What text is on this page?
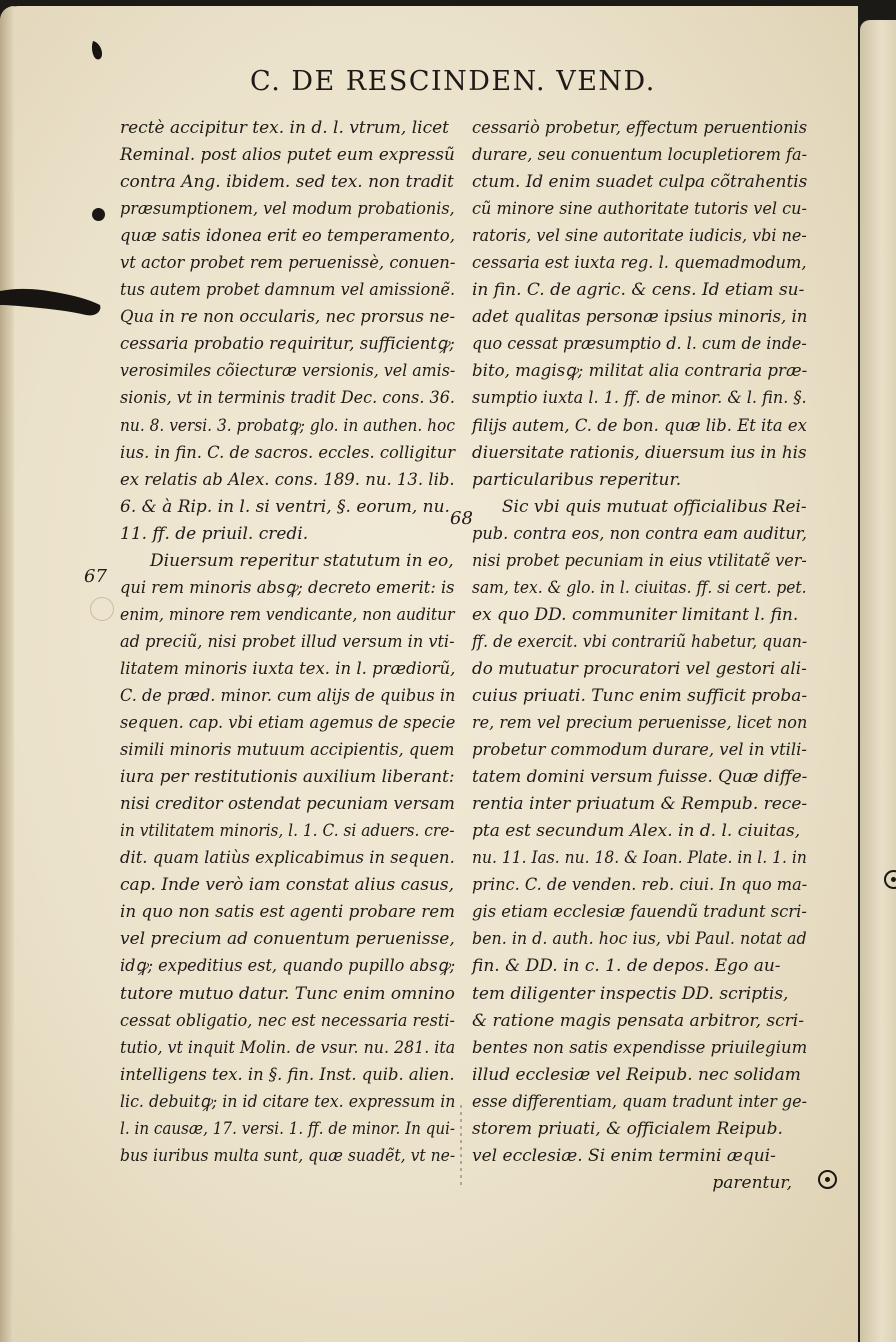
C. DE RESCINDEN. VEND.
67
68
rectè accipitur tex. in d. l. vtrum, licet
Reminal. post alios putet eum expressũ
contra Ang. ibidem. sed tex. non tradit
præsumptionem, vel modum probationis,
quæ satis idonea erit eo temperamento,
vt actor probet rem peruenissè, conuen-
tus autem probet damnum vel amissionẽ.
Qua in re non occularis, nec prorsus ne-
cessaria probatio requiritur, sufficientꝙ;
verosimiles cõiecturæ versionis, vel amis-
sionis, vt in terminis tradit Dec. cons. 36.
nu. 8. versi. 3. probatꝙ; glo. in authen. hoc
ius. in fin. C. de sacros. eccles. colligitur
ex relatis ab Alex. cons. 189. nu. 13. lib.
6. & à Rip. in l. si ventri, §. eorum, nu.
11. ff. de priuil. credi.
Diuersum reperitur statutum in eo,
qui rem minoris absꝙ; decreto emerit: is
enim, minore rem vendicante, non auditur
ad preciũ, nisi probet illud versum in vti-
litatem minoris iuxta tex. in l. prædiorũ,
C. de præd. minor. cum alijs de quibus in
sequen. cap. vbi etiam agemus de specie
simili minoris mutuum accipientis, quem
iura per restitutionis auxilium liberant:
nisi creditor ostendat pecuniam versam
in vtilitatem minoris, l. 1. C. si aduers. cre-
dit. quam latiùs explicabimus in sequen.
cap. Inde verò iam constat alius casus,
in quo non satis est agenti probare rem
vel precium ad conuentum peruenisse,
idꝙ; expeditius est, quando pupillo absꝙ;
tutore mutuo datur. Tunc enim omnino
cessat obligatio, nec est necessaria resti-
tutio, vt inquit Molin. de vsur. nu. 281. ita
intelligens tex. in §. fin. Inst. quib. alien.
lic. debuitꝙ; in id citare tex. expressum in
l. in causæ, 17. versi. 1. ff. de minor. In qui-
bus iuribus multa sunt, quæ suadẽt, vt ne-
cessariò probetur, effectum peruentionis
durare, seu conuentum locupletiorem fa-
ctum. Id enim suadet culpa cõtrahentis
cũ minore sine authoritate tutoris vel cu-
ratoris, vel sine autoritate iudicis, vbi ne-
cessaria est iuxta reg. l. quemadmodum,
in fin. C. de agric. & cens. Id etiam su-
adet qualitas personæ ipsius minoris, in
quo cessat præsumptio d. l. cum de inde-
bito, magisꝙ; militat alia contraria præ-
sumptio iuxta l. 1. ff. de minor. & l. fin. §.
filijs autem, C. de bon. quæ lib. Et ita ex
diuersitate rationis, diuersum ius in his
particularibus reperitur.
Sic vbi quis mutuat officialibus Rei-
pub. contra eos, non contra eam auditur,
nisi probet pecuniam in eius vtilitatẽ ver-
sam, tex. & glo. in l. ciuitas. ff. si cert. pet.
ex quo DD. communiter limitant l. fin.
ff. de exercit. vbi contrariũ habetur, quan-
do mutuatur procuratori vel gestori ali-
cuius priuati. Tunc enim sufficit proba-
re, rem vel precium peruenisse, licet non
probetur commodum durare, vel in vtili-
tatem domini versum fuisse. Quæ diffe-
rentia inter priuatum & Rempub. rece-
pta est secundum Alex. in d. l. ciuitas,
nu. 11. Ias. nu. 18. & Ioan. Plate. in l. 1. in
princ. C. de venden. reb. ciui. In quo ma-
gis etiam ecclesiæ fauendũ tradunt scri-
ben. in d. auth. hoc ius, vbi Paul. notat ad
fin. & DD. in c. 1. de depos. Ego au-
tem diligenter inspectis DD. scriptis,
& ratione magis pensata arbitror, scri-
bentes non satis expendisse priuilegium
illud ecclesiæ vel Reipub. nec solidam
esse differentiam, quam tradunt inter ge-
storem priuati, & officialem Reipub.
vel ecclesiæ. Si enim termini æqui-
parentur,
